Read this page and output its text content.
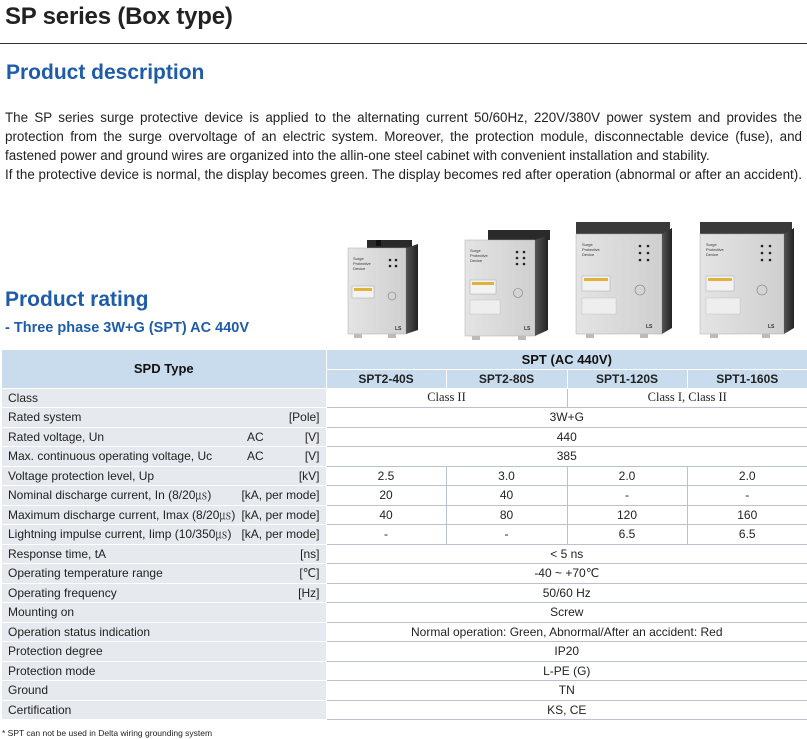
SP series (Box type)
Product description

The SP series surge protective device is applied to the alternating current 50/60Hz, 220V/380V power system and provides the protection from the surge overvoltage of an electric system. Moreover, the protection module, disconnectable device (fuse), and fastened power and ground wires are organized into the allin-one steel cabinet with convenient installation and stability.

If the protective device is normal, the display becomes green. The display becomes red after operation (abnormal or after an accident).

Surge
Protective
Device
LS
Surge
Protective
Device
LS
Surge
Protective
Device
LS
Surge
Protective
Device
LS
Product rating
- Three phase 3W+G (SPT) AC 440V
SPD Type	SPT (AC 440V)			
	SPT2-40S	SPT2-80S	SPT1-120S	SPT1-160S

Class	Class II		Class I, Class II	

Rated system [Pole]	3W+G			

Rated voltage, Un AC [V]	440			

Max. continuous operating voltage, Uc AC [V]	385			

Voltage protection level, Up [kV]	2.5	3.0	2.0	2.0

Nominal discharge current, In (8/20㎲) [kA, per mode]	20	40	-	-

Maximum discharge current, Imax (8/20㎲) [kA, per mode]	40	80	120	160

Lightning impulse current, Iimp (10/350㎲) [kA, per mode]	-	-	6.5	6.5

Response time, tA [ns]	< 5 ns			

Operating temperature range [℃]	-40 ~ +70℃			

Operating frequency [Hz]	50/60 Hz			

Mounting on	Screw			

Operation status indication	Normal operation: Green, Abnormal/After an accident: Red			

Protection degree	IP20			

Protection mode	L-PE (G)			

Ground	TN			

Certification	KS, CE			
* SPT can not be used in Delta wiring grounding system
